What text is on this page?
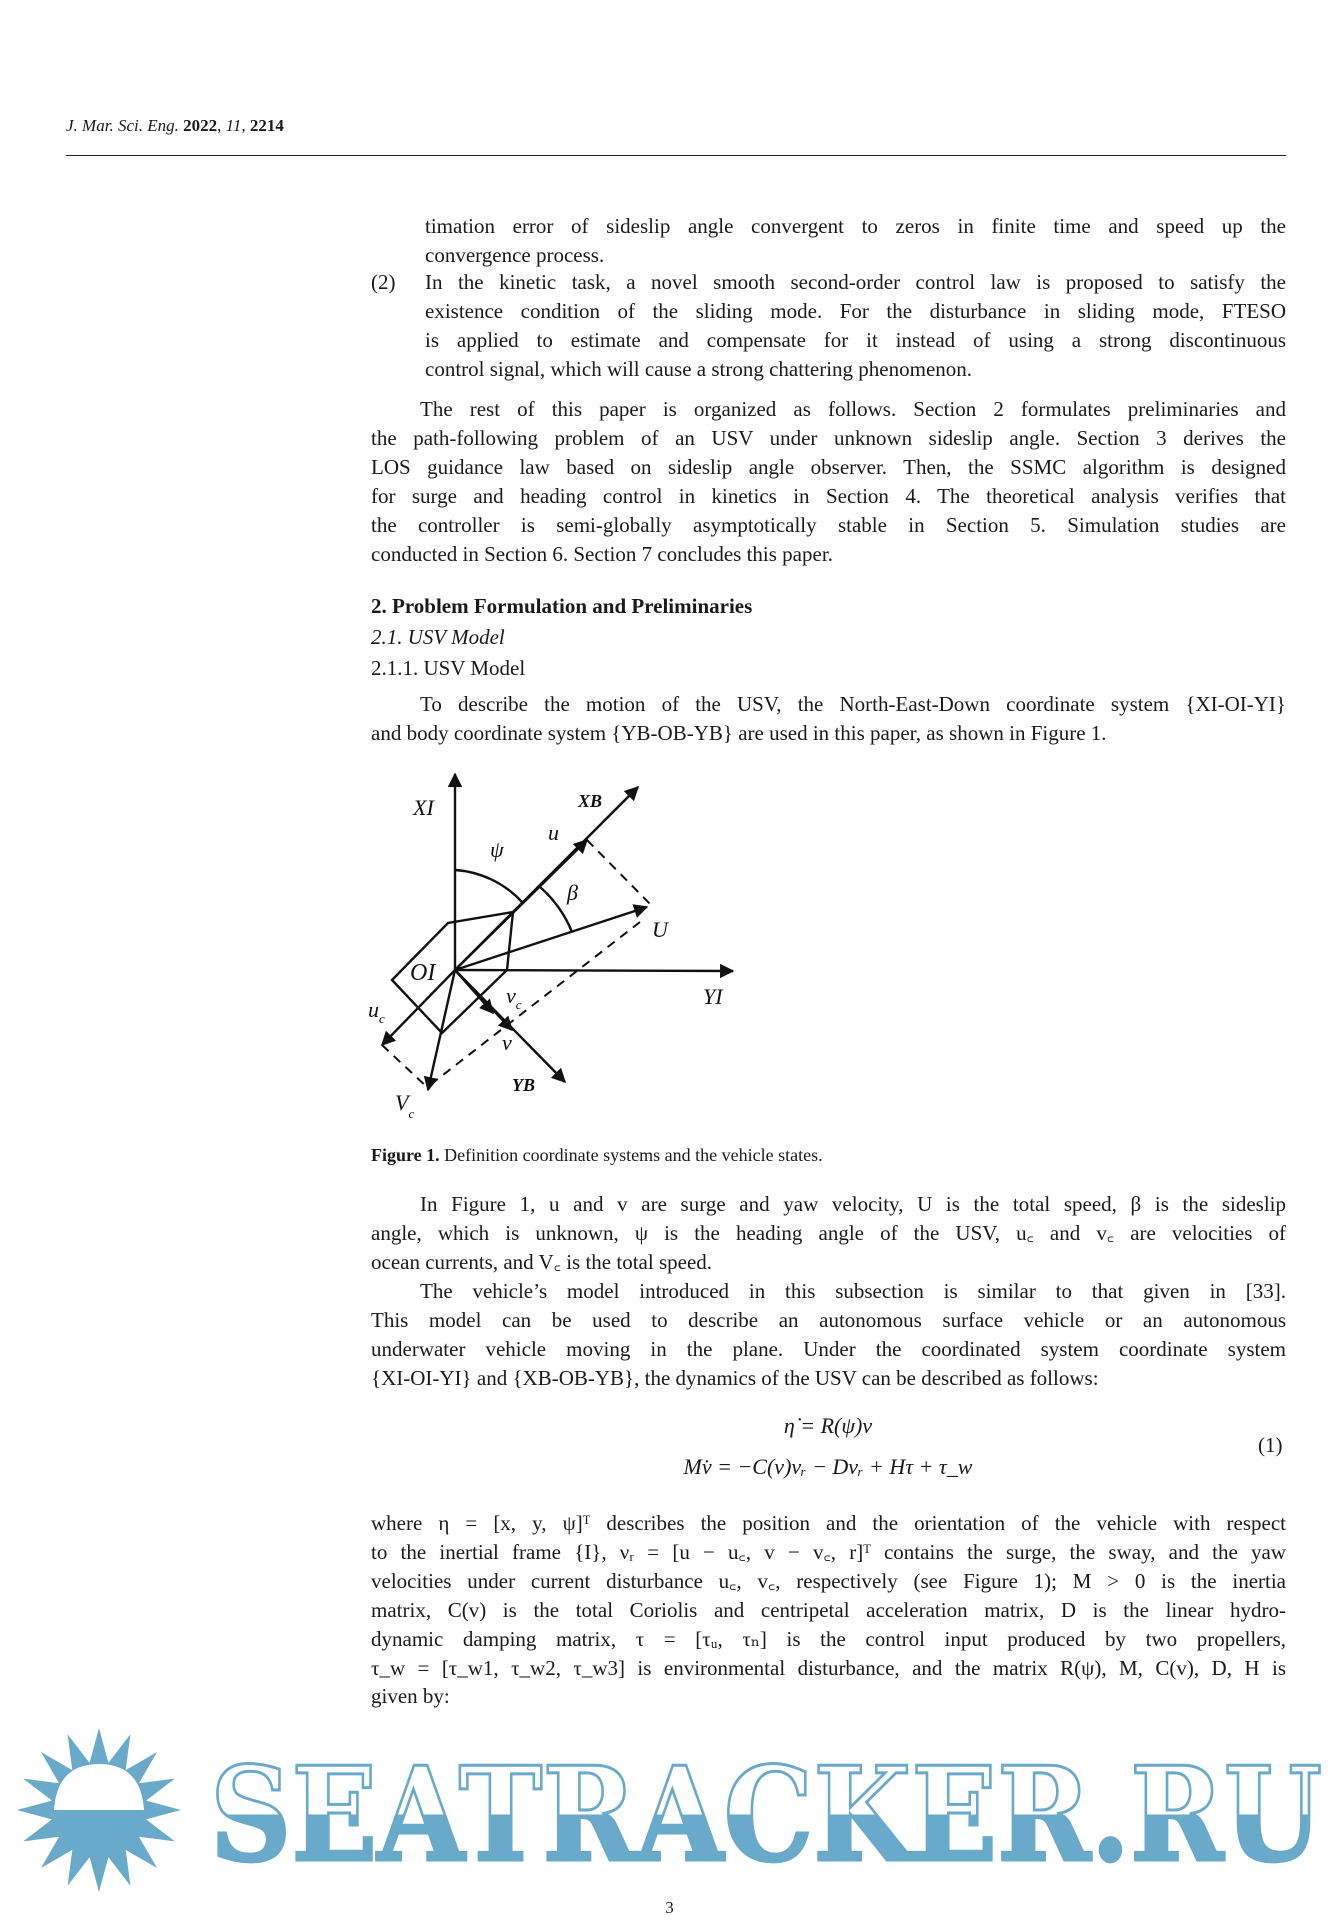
J. Mar. Sci. Eng. 2022, 11, 2214
timation error of sideslip angle convergent to zeros in finite time and speed up the
convergence process.
In the kinetic task, a novel smooth second-order control law is proposed to satisfy the
existence condition of the sliding mode. For the disturbance in sliding mode, FTESO
is applied to estimate and compensate for it instead of using a strong discontinuous
control signal, which will cause a strong chattering phenomenon.
The rest of this paper is organized as follows. Section 2 formulates preliminaries and
the path-following problem of an USV under unknown sideslip angle. Section 3 derives the
LOS guidance law based on sideslip angle observer. Then, the SSMC algorithm is designed
for surge and heading control in kinetics in Section 4. The theoretical analysis verifies that
the controller is semi-globally asymptotically stable in Section 5. Simulation studies are
conducted in Section 6. Section 7 concludes this paper.
To describe the motion of the USV, the North-East-Down coordinate system {XI-OI-YI}
and body coordinate system {YB-OB-YB} are used in this paper, as shown in Figure 1.
In Figure 1, u and v are surge and yaw velocity, U is the total speed, β is the sideslip
angle, which is unknown, ψ is the heading angle of the USV, u꜀ and v꜀ are velocities of
ocean currents, and V꜀ is the total speed.
The vehicle’s model introduced in this subsection is similar to that given in [33].
This model can be used to describe an autonomous surface vehicle or an autonomous
underwater vehicle moving in the plane. Under the coordinated system coordinate system
{XI-OI-YI} and {XB-OB-YB}, the dynamics of the USV can be described as follows:
where η = [x, y, ψ]ᵀ describes the position and the orientation of the vehicle with respect
to the inertial frame {I}, νᵣ = [u − u꜀, v − v꜀, r]ᵀ contains the surge, the sway, and the yaw
velocities under current disturbance u꜀, v꜀, respectively (see Figure 1); M > 0 is the inertia
matrix, C(v) is the total Coriolis and centripetal acceleration matrix, D is the linear hydro-
dynamic damping matrix, τ = [τᵤ, τₙ] is the control input produced by two propellers,
τ_w = [τ_w1, τ_w2, τ_w3] is environmental disturbance, and the matrix R(ψ), M, C(v), D, H is
given by:
(2)
2. Problem Formulation and Preliminaries
2.1. USV Model
2.1.1. USV Model
XI	XB
u
ψ
β
U
OI
YI
$v_c$
$u_c$
v
YB
$V_c$
Figure 1. Definition coordinate systems and the vehicle states.
η̇ = R(ψ)v
Mv̇ = −C(v)vᵣ − Dvᵣ + Hτ + τ_w
(1)
SEATRACKER.RU
3
